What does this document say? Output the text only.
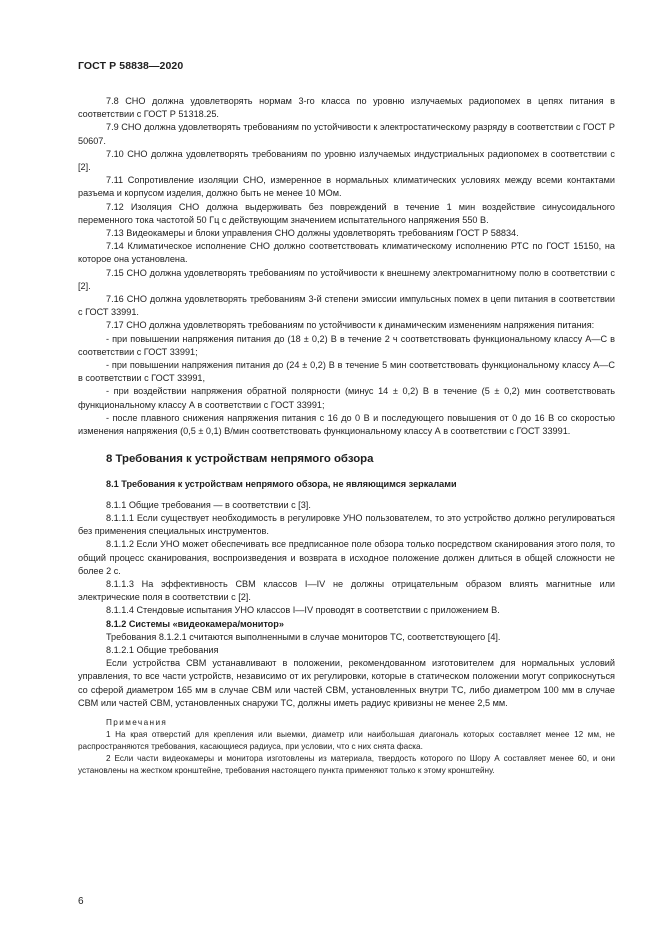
ГОСТ Р 58838—2020

7.8 СНО должна удовлетворять нормам 3-го класса по уровню излучаемых радиопомех в цепях питания в соответствии с ГОСТ Р 51318.25.

7.9 СНО должна удовлетворять требованиям по устойчивости к электростатическому разряду в соответствии с ГОСТ Р 50607.

7.10 СНО должна удовлетворять требованиям по уровню излучаемых индустриальных радиопомех в соответствии с [2].

7.11 Сопротивление изоляции СНО, измеренное в нормальных климатических условиях между всеми контактами разъема и корпусом изделия, должно быть не менее 10 МОм.

7.12 Изоляция СНО должна выдерживать без повреждений в течение 1 мин воздействие синусоидального переменного тока частотой 50 Гц с действующим значением испытательного напряжения 550 В.

7.13 Видеокамеры и блоки управления СНО должны удовлетворять требованиям ГОСТ Р 58834.

7.14 Климатическое исполнение СНО должно соответствовать климатическому исполнению РТС по ГОСТ 15150, на которое она установлена.

7.15 СНО должна удовлетворять требованиям по устойчивости к внешнему электромагнитному полю в соответствии с [2].

7.16 СНО должна удовлетворять требованиям 3-й степени эмиссии импульсных помех в цепи питания в соответствии с ГОСТ 33991.

7.17 СНО должна удовлетворять требованиям по устойчивости к динамическим изменениям напряжения питания:

- при повышении напряжения питания до (18 ± 0,2) В в течение 2 ч соответствовать функциональному классу А—С в соответствии с ГОСТ 33991;

- при повышении напряжения питания до (24 ± 0,2) В в течение 5 мин соответствовать функциональному классу А—С в соответствии с ГОСТ 33991,

- при воздействии напряжения обратной полярности (минус 14 ± 0,2) В в течение (5 ± 0,2) мин соответствовать функциональному классу А в соответствии с ГОСТ 33991;

- после плавного снижения напряжения питания с 16 до 0 В и последующего повышения от 0 до 16 В со скоростью изменения напряжения (0,5 ± 0,1) В/мин соответствовать функциональному классу А в соответствии с ГОСТ 33991.

8 Требования к устройствам непрямого обзора

8.1 Требования к устройствам непрямого обзора, не являющимся зеркалами

8.1.1 Общие требования — в соответствии с [3].

8.1.1.1 Если существует необходимость в регулировке УНО пользователем, то это устройство должно регулироваться без применения специальных инструментов.

8.1.1.2 Если УНО может обеспечивать все предписанное поле обзора только посредством сканирования этого поля, то общий процесс сканирования, воспроизведения и возврата в исходное положение должен длиться в общей сложности не более 2 с.

8.1.1.3 На эффективность СВМ классов I—IV не должны отрицательным образом влиять магнитные или электрические поля в соответствии с [2].

8.1.1.4 Стендовые испытания УНО классов I—IV проводят в соответствии с приложением В.

8.1.2 Системы «видеокамера/монитор»

Требования 8.1.2.1 считаются выполненными в случае мониторов ТС, соответствующего [4].

8.1.2.1 Общие требования

Если устройства СВМ устанавливают в положении, рекомендованном изготовителем для нормальных условий управления, то все части устройств, независимо от их регулировки, которые в статическом положении могут соприкоснуться со сферой диаметром 165 мм в случае СВМ или частей СВМ, установленных внутри ТС, либо диаметром 100 мм в случае СВМ или частей СВМ, установленных снаружи ТС, должны иметь радиус кривизны не менее 2,5 мм.

Примечания

1 На края отверстий для крепления или выемки, диаметр или наибольшая диагональ которых составляет менее 12 мм, не распространяются требования, касающиеся радиуса, при условии, что с них снята фаска.

2 Если части видеокамеры и монитора изготовлены из материала, твердость которого по Шору А составляет менее 60, и они установлены на жестком кронштейне, требования настоящего пункта применяют только к этому кронштейну.

6
